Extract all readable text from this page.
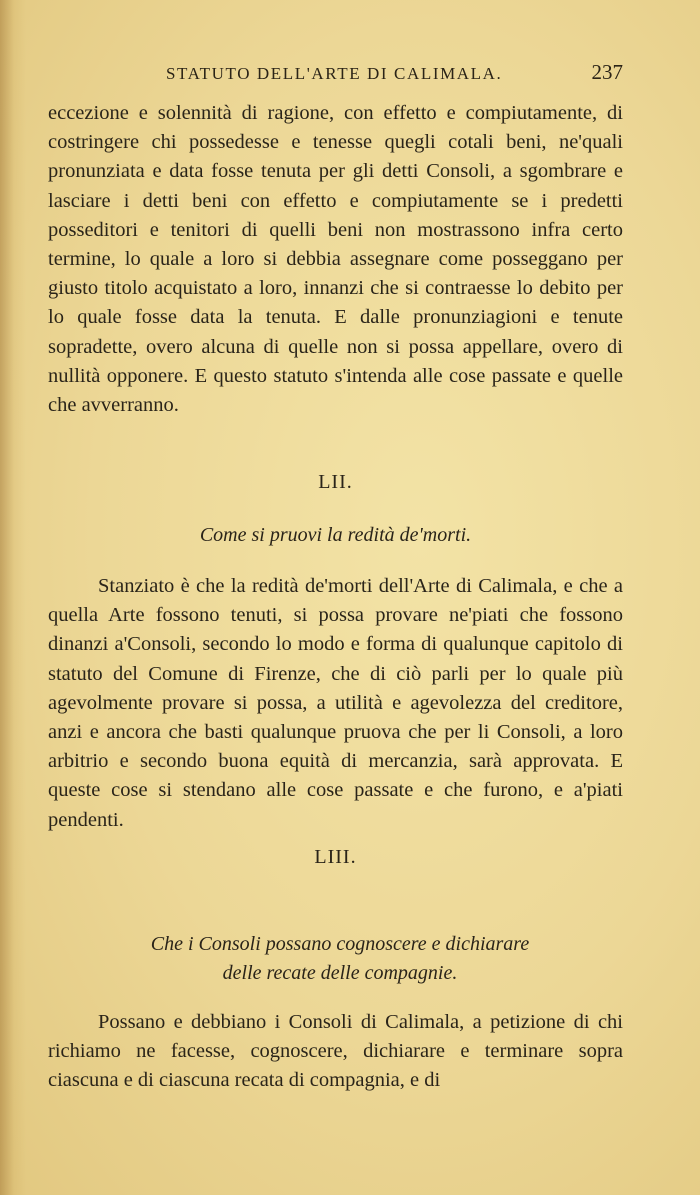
STATUTO DELL'ARTE DI CALIMALA.	237
eccezione e solennità di ragione, con effetto e compiutamente, di costringere chi possedesse e tenesse quegli cotali beni, ne'quali pronunziata e data fosse tenuta per gli detti Consoli, a sgombrare e lasciare i detti beni con effetto e compiutamente se i predetti posseditori e tenitori di quelli beni non mostrassono infra certo termine, lo quale a loro si debbia assegnare come posseggano per giusto titolo acquistato a loro, innanzi che si contraesse lo debito per lo quale fosse data la tenuta. E dalle pronunziagioni e tenute sopradette, overo alcuna di quelle non si possa appellare, overo di nullità opponere. E questo statuto s'intenda alle cose passate e quelle che avverranno.
LII.
Come si pruovi la redità de'morti.
Stanziato è che la redità de'morti dell'Arte di Calimala, e che a quella Arte fossono tenuti, si possa provare ne'piati che fossono dinanzi a'Consoli, secondo lo modo e forma di qualunque capitolo di statuto del Comune di Firenze, che di ciò parli per lo quale più agevolmente provare si possa, a utilità e agevolezza del creditore, anzi e ancora che basti qualunque pruova che per li Consoli, a loro arbitrio e secondo buona equità di mercanzia, sarà approvata. E queste cose si stendano alle cose passate e che furono, e a'piati pendenti.
LIII.
Che i Consoli possano cognoscere e dichiarare delle recate delle compagnie.
Possano e debbiano i Consoli di Calimala, a petizione di chi richiamo ne facesse, cognoscere, dichiarare e terminare sopra ciascuna e di ciascuna recata di compagnia, e di
